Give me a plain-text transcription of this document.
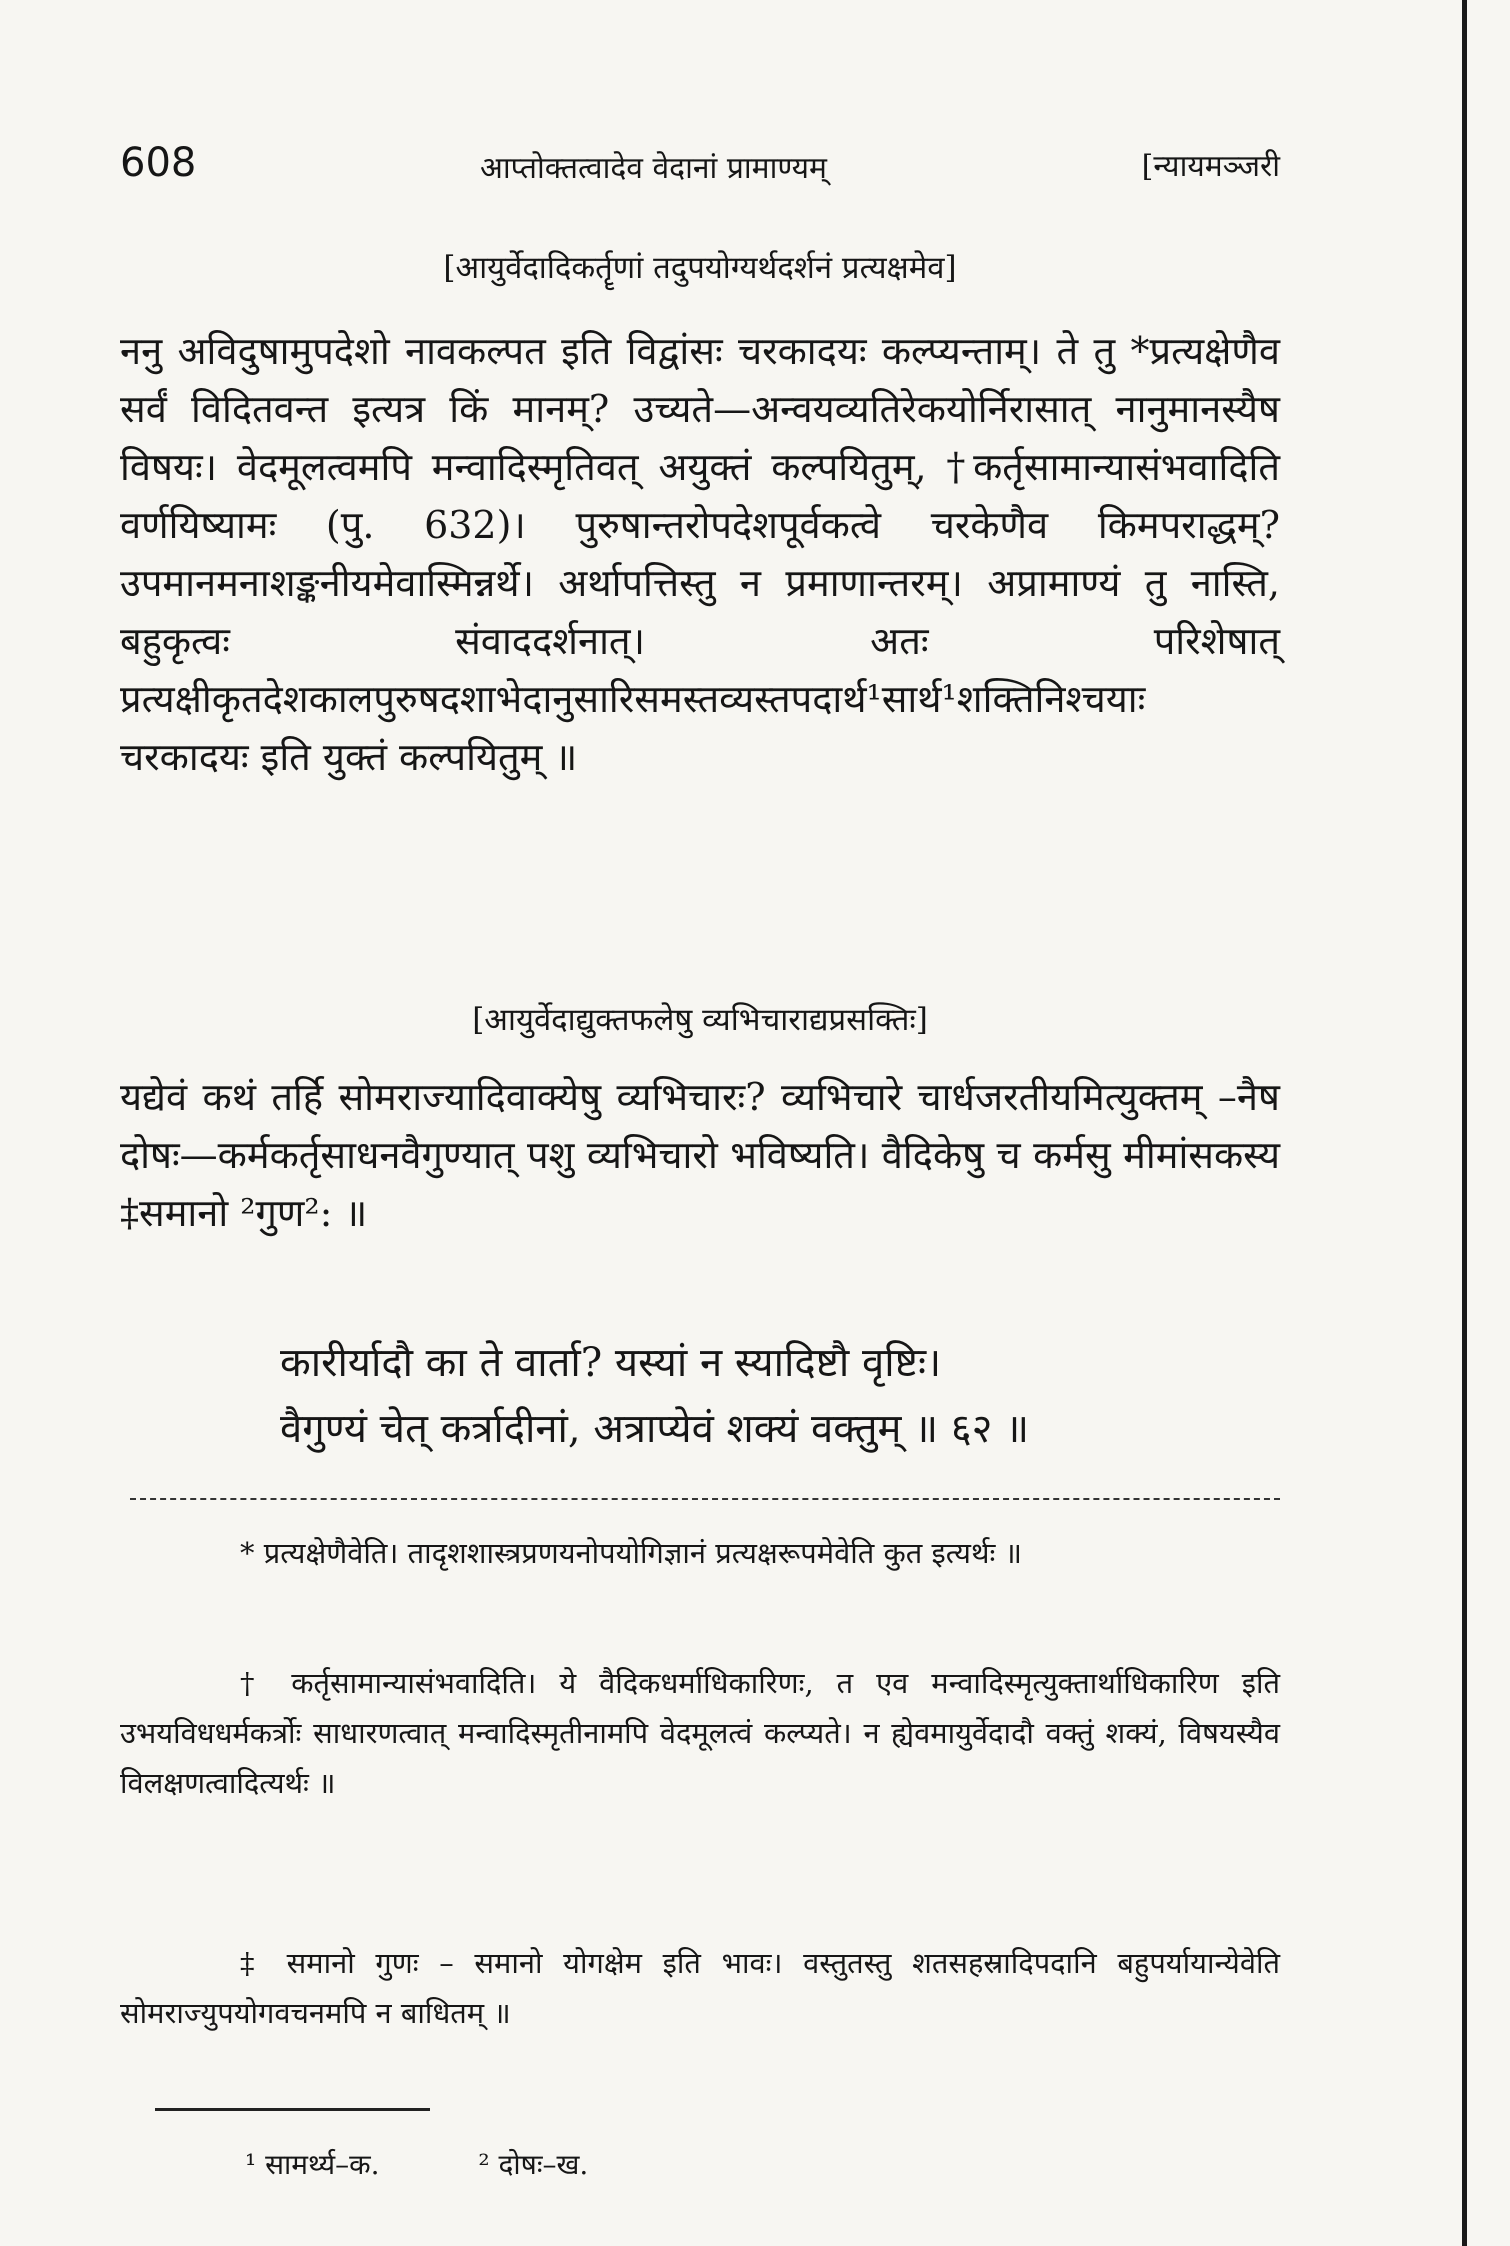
608	आप्तोक्तत्वादेव वेदानां प्रामाण्यम्	[न्यायमञ्जरी
[आयुर्वेदादिकर्तॄणां तदुपयोग्यर्थदर्शनं प्रत्यक्षमेव]

ननु अविदुषामुपदेशो नावकल्पत इति विद्वांसः चरकादयः कल्प्यन्ताम्। ते तु *प्रत्यक्षेणैव सर्वं विदितवन्त इत्यत्र किं मानम्? उच्यते—अन्वयव्यतिरेकयोर्निरासात् नानुमानस्यैष विषयः। वेदमूलत्वमपि मन्वादिस्मृतिवत् अयुक्तं कल्पयितुम्, †कर्तृसामान्यासंभवादिति वर्णयिष्यामः (पु. 632)। पुरुषान्तरोपदेशपूर्वकत्वे चरकेणैव किमपराद्धम्? उपमानमनाशङ्कनीयमेवास्मिन्नर्थे। अर्थापत्तिस्तु न प्रमाणान्तरम्। अप्रामाण्यं तु नास्ति, बहुकृत्वः संवाददर्शनात्। अतः परिशेषात् प्रत्यक्षीकृतदेशकालपुरुषदशाभेदानुसारिसमस्तव्यस्तपदार्थ¹सार्थ¹शक्तिनिश्चयाः चरकादयः इति युक्तं कल्पयितुम् ॥

[आयुर्वेदाद्युक्तफलेषु व्यभिचाराद्यप्रसक्तिः]

यद्येवं कथं तर्हि सोमराज्यादिवाक्येषु व्यभिचारः? व्यभिचारे चार्धजरतीयमित्युक्तम् –नैष दोषः—कर्मकर्तृसाधनवैगुण्यात् पशु व्यभिचारो भविष्यति। वैदिकेषु च कर्मसु मीमांसकस्य ‡समानो ²गुण²: ॥

कारीर्यादौ का ते वार्ता? यस्यां न स्यादिष्टौ वृष्टिः।
वैगुण्यं चेत् कर्त्रादीनां, अत्राप्येवं शक्यं वक्तुम् ॥ ६२ ॥

* प्रत्यक्षेणैवेति। तादृशशास्त्रप्रणयनोपयोगिज्ञानं प्रत्यक्षरूपमेवेति कुत इत्यर्थः ॥

† कर्तृसामान्यासंभवादिति। ये वैदिकधर्माधिकारिणः, त एव मन्वादिस्मृत्युक्तार्थाधिकारिण इति उभयविधधर्मकर्त्रोः साधारणत्वात् मन्वादिस्मृतीनामपि वेदमूलत्वं कल्प्यते। न ह्येवमायुर्वेदादौ वक्तुं शक्यं, विषयस्यैव विलक्षणत्वादित्यर्थः ॥

‡ समानो गुणः – समानो योगक्षेम इति भावः। वस्तुतस्तु शतसहस्रादिपदानि बहुपर्यायान्येवेति सोमराज्युपयोगवचनमपि न बाधितम् ॥

¹ सामर्थ्य–क.	² दोषः–ख.
